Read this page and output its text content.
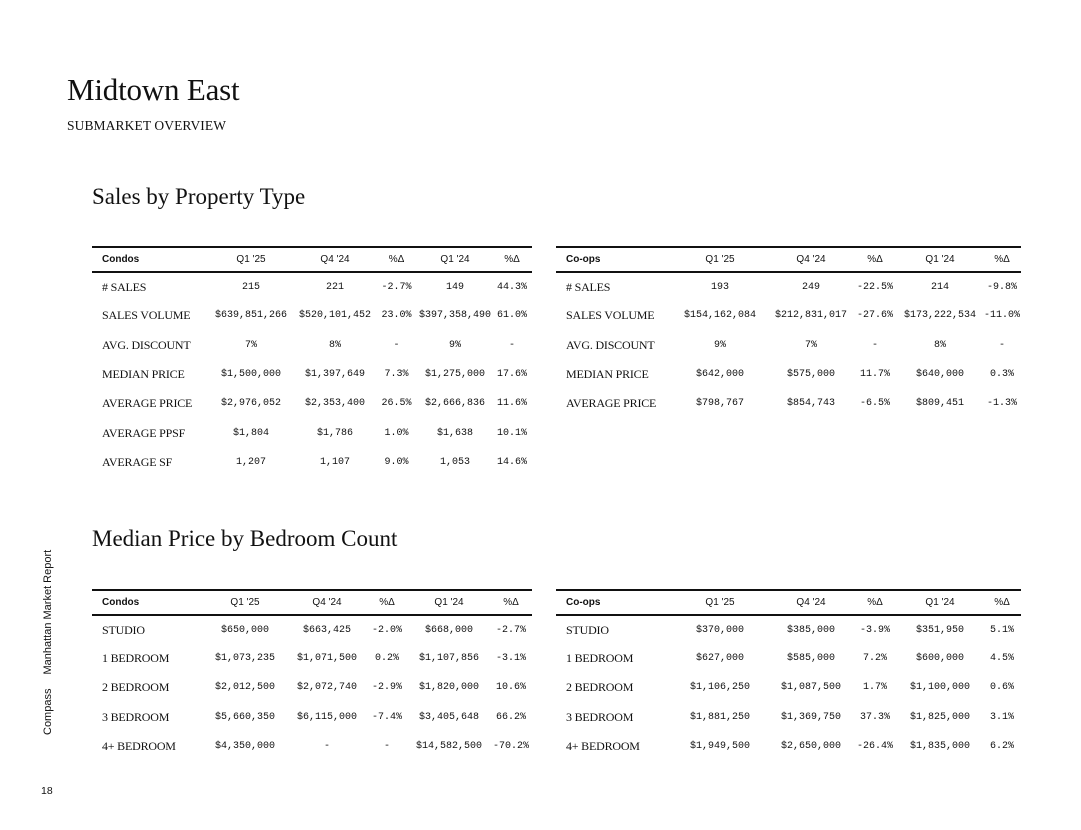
Midtown East
SUBMARKET OVERVIEW
Sales by Property Type
Condos	Q1 '25	Q4 '24	%Δ	Q1 '24	%Δ
# SALES	215	221	-2.7%	149	44.3%
SALES VOLUME	$639,851,266	$520,101,452	23.0%	$397,358,490	61.0%
AVG. DISCOUNT	7%	8%	-	9%	-
MEDIAN PRICE	$1,500,000	$1,397,649	7.3%	$1,275,000	17.6%
AVERAGE PRICE	$2,976,052	$2,353,400	26.5%	$2,666,836	11.6%
AVERAGE PPSF	$1,804	$1,786	1.0%	$1,638	10.1%
AVERAGE SF	1,207	1,107	9.0%	1,053	14.6%
Co-ops	Q1 '25	Q4 '24	%Δ	Q1 '24	%Δ
# SALES	193	249	-22.5%	214	-9.8%
SALES VOLUME	$154,162,084	$212,831,017	-27.6%	$173,222,534	-11.0%
AVG. DISCOUNT	9%	7%	-	8%	-
MEDIAN PRICE	$642,000	$575,000	11.7%	$640,000	0.3%
AVERAGE PRICE	$798,767	$854,743	-6.5%	$809,451	-1.3%
Median Price by Bedroom Count
Condos	Q1 '25	Q4 '24	%Δ	Q1 '24	%Δ
STUDIO	$650,000	$663,425	-2.0%	$668,000	-2.7%
1 BEDROOM	$1,073,235	$1,071,500	0.2%	$1,107,856	-3.1%
2 BEDROOM	$2,012,500	$2,072,740	-2.9%	$1,820,000	10.6%
3 BEDROOM	$5,660,350	$6,115,000	-7.4%	$3,405,648	66.2%
4+ BEDROOM	$4,350,000	-	-	$14,582,500	-70.2%
Co-ops	Q1 '25	Q4 '24	%Δ	Q1 '24	%Δ
STUDIO	$370,000	$385,000	-3.9%	$351,950	5.1%
1 BEDROOM	$627,000	$585,000	7.2%	$600,000	4.5%
2 BEDROOM	$1,106,250	$1,087,500	1.7%	$1,100,000	0.6%
3 BEDROOM	$1,881,250	$1,369,750	37.3%	$1,825,000	3.1%
4+ BEDROOM	$1,949,500	$2,650,000	-26.4%	$1,835,000	6.2%
CompassManhattan Market Report
18
